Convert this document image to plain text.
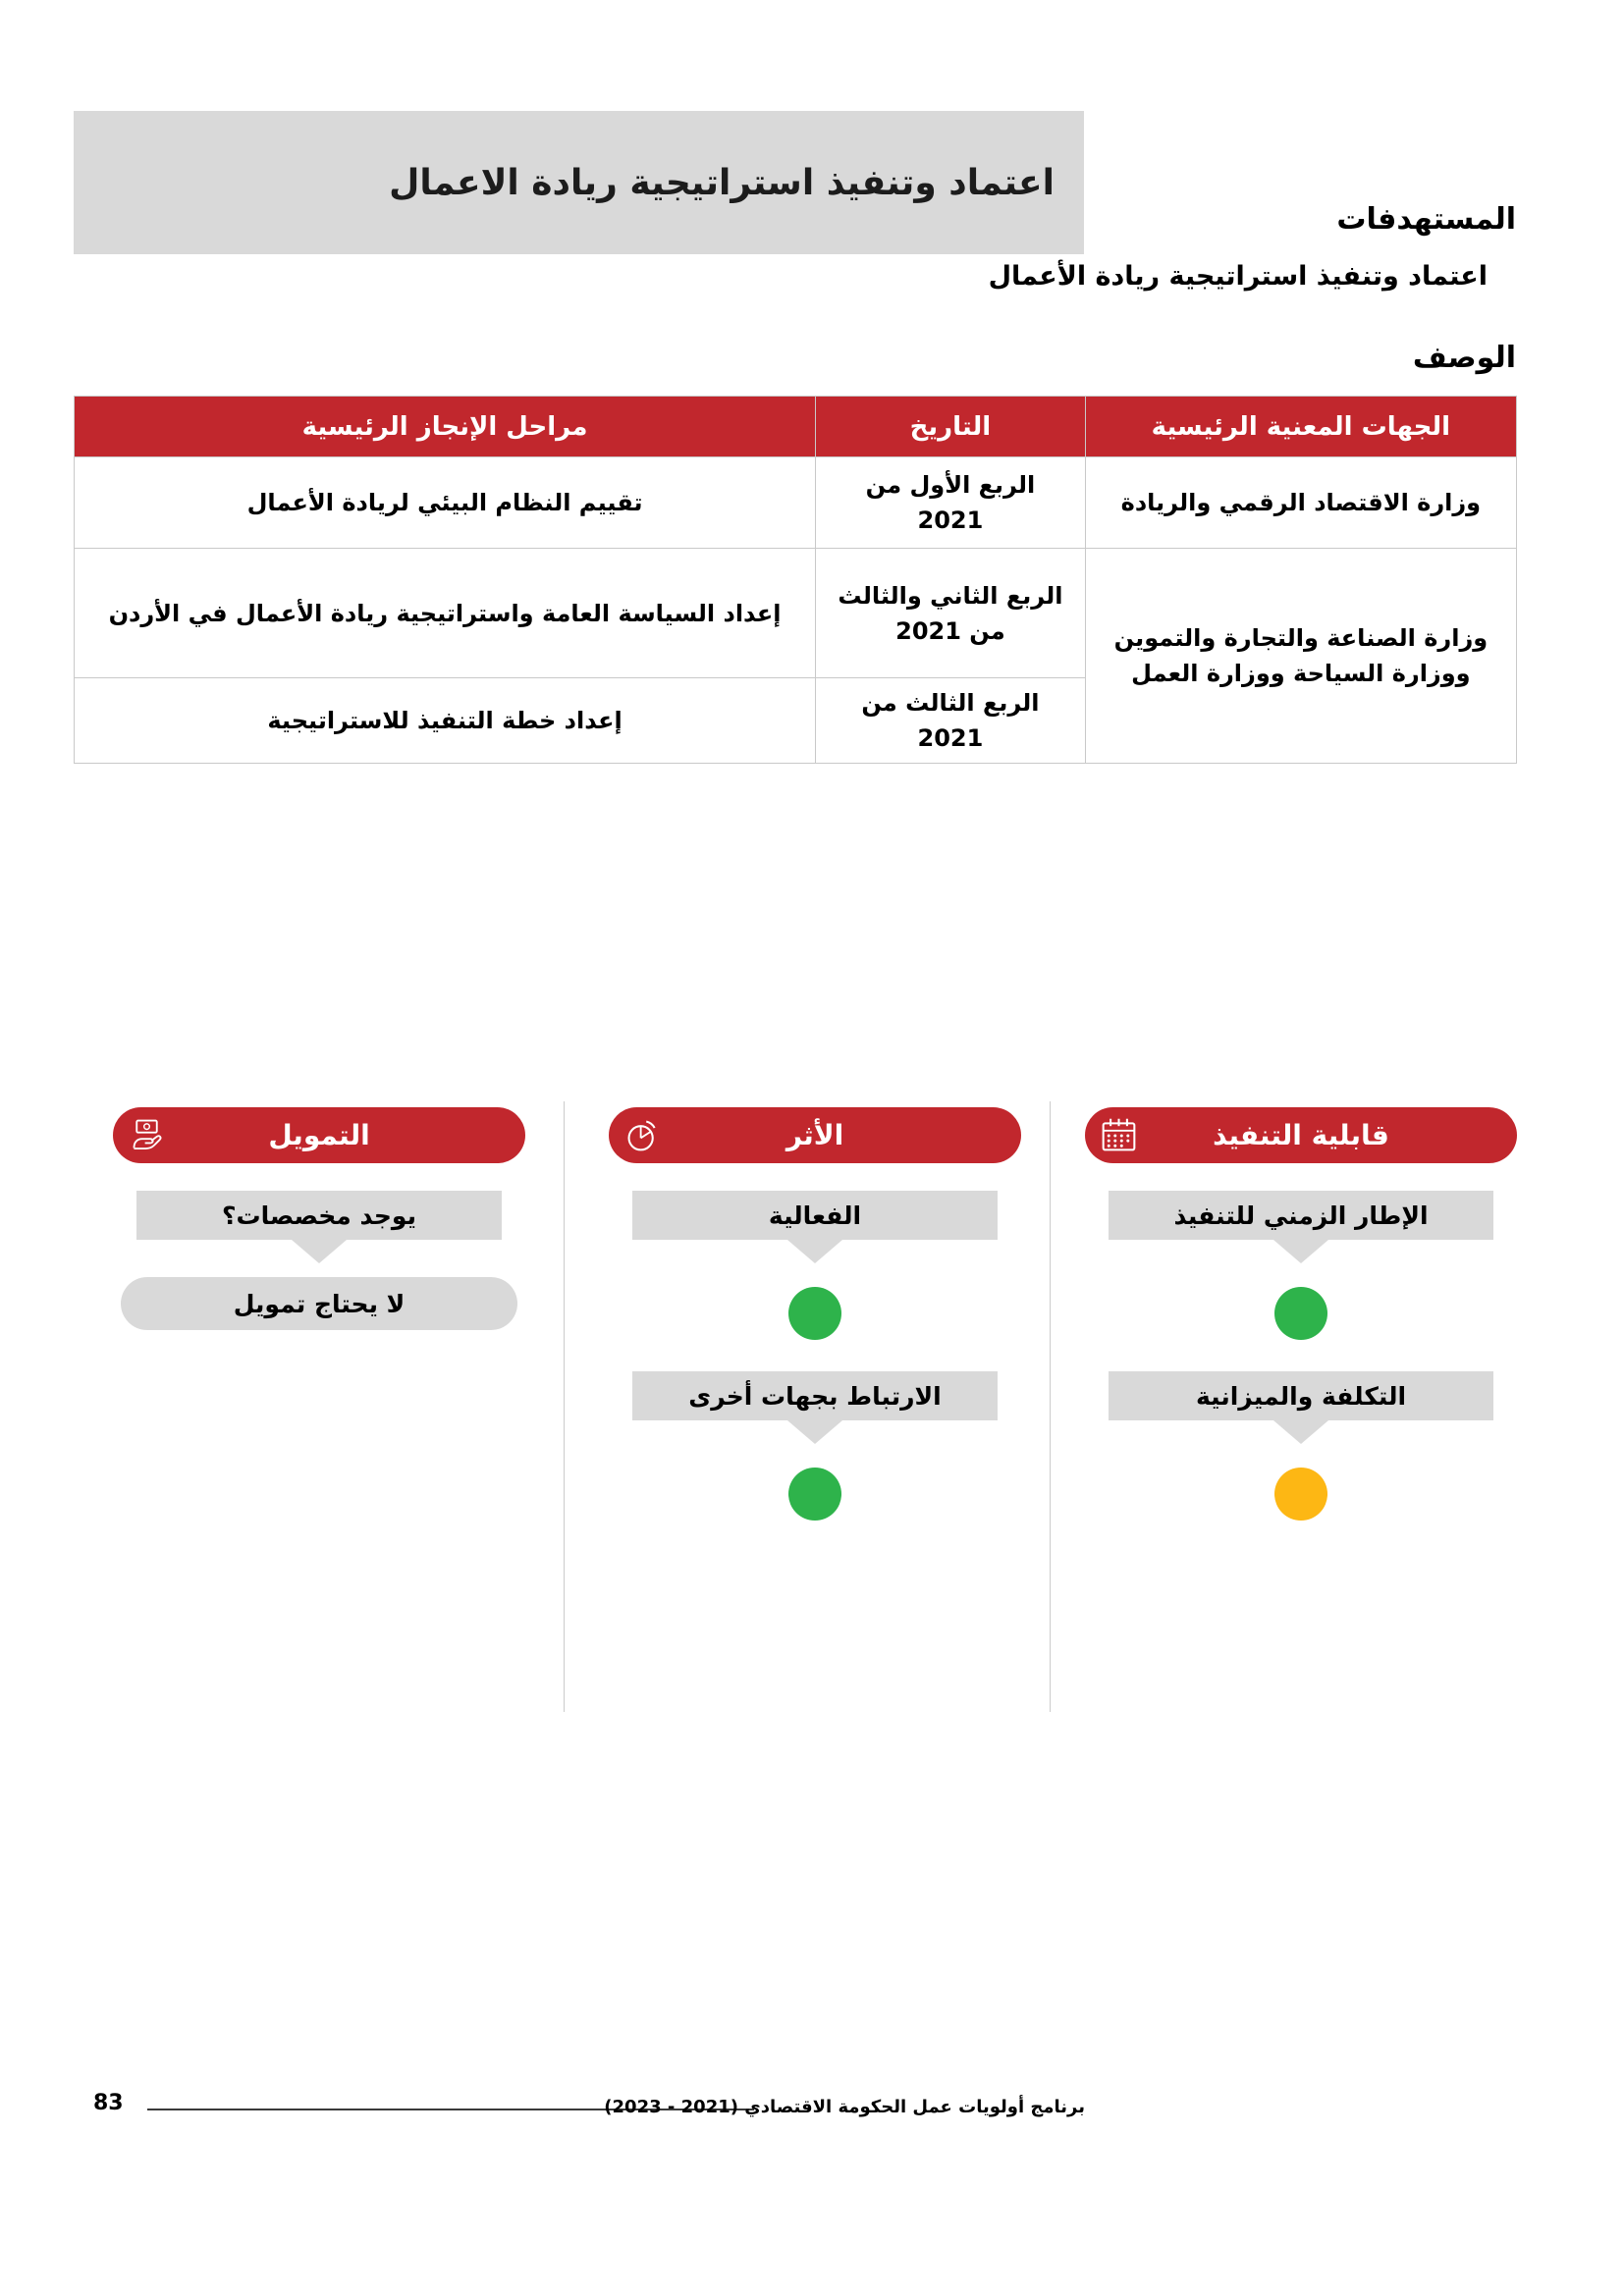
اعتماد وتنفيذ استراتيجية ريادة الاعمال
المستهدفات
اعتماد وتنفيذ استراتيجية ريادة الأعمال
الوصف
الجهات المعنية الرئيسية	التاريخ	مراحل الإنجاز الرئيسية
وزارة الاقتصاد الرقمي والريادة	الربع الأول من 2021	تقييم النظام البيئي لريادة الأعمال
وزارة الصناعة والتجارة والتموين ووزارة السياحة ووزارة العمل	الربع الثاني والثالث من 2021	إعداد السياسة العامة واستراتيجية ريادة الأعمال في الأردن
	الربع الثالث من 2021	إعداد خطة التنفيذ للاستراتيجية
قابلية التنفيذ
الإطار الزمني للتنفيذ
التكلفة والميزانية
الأثر
الفعالية
الارتباط بجهات أخرى
التمويل
يوجد مخصصات؟
لا يحتاج تمويل
83	برنامج أولويات عمل الحكومة الاقتصادي (2021 - 2023)
